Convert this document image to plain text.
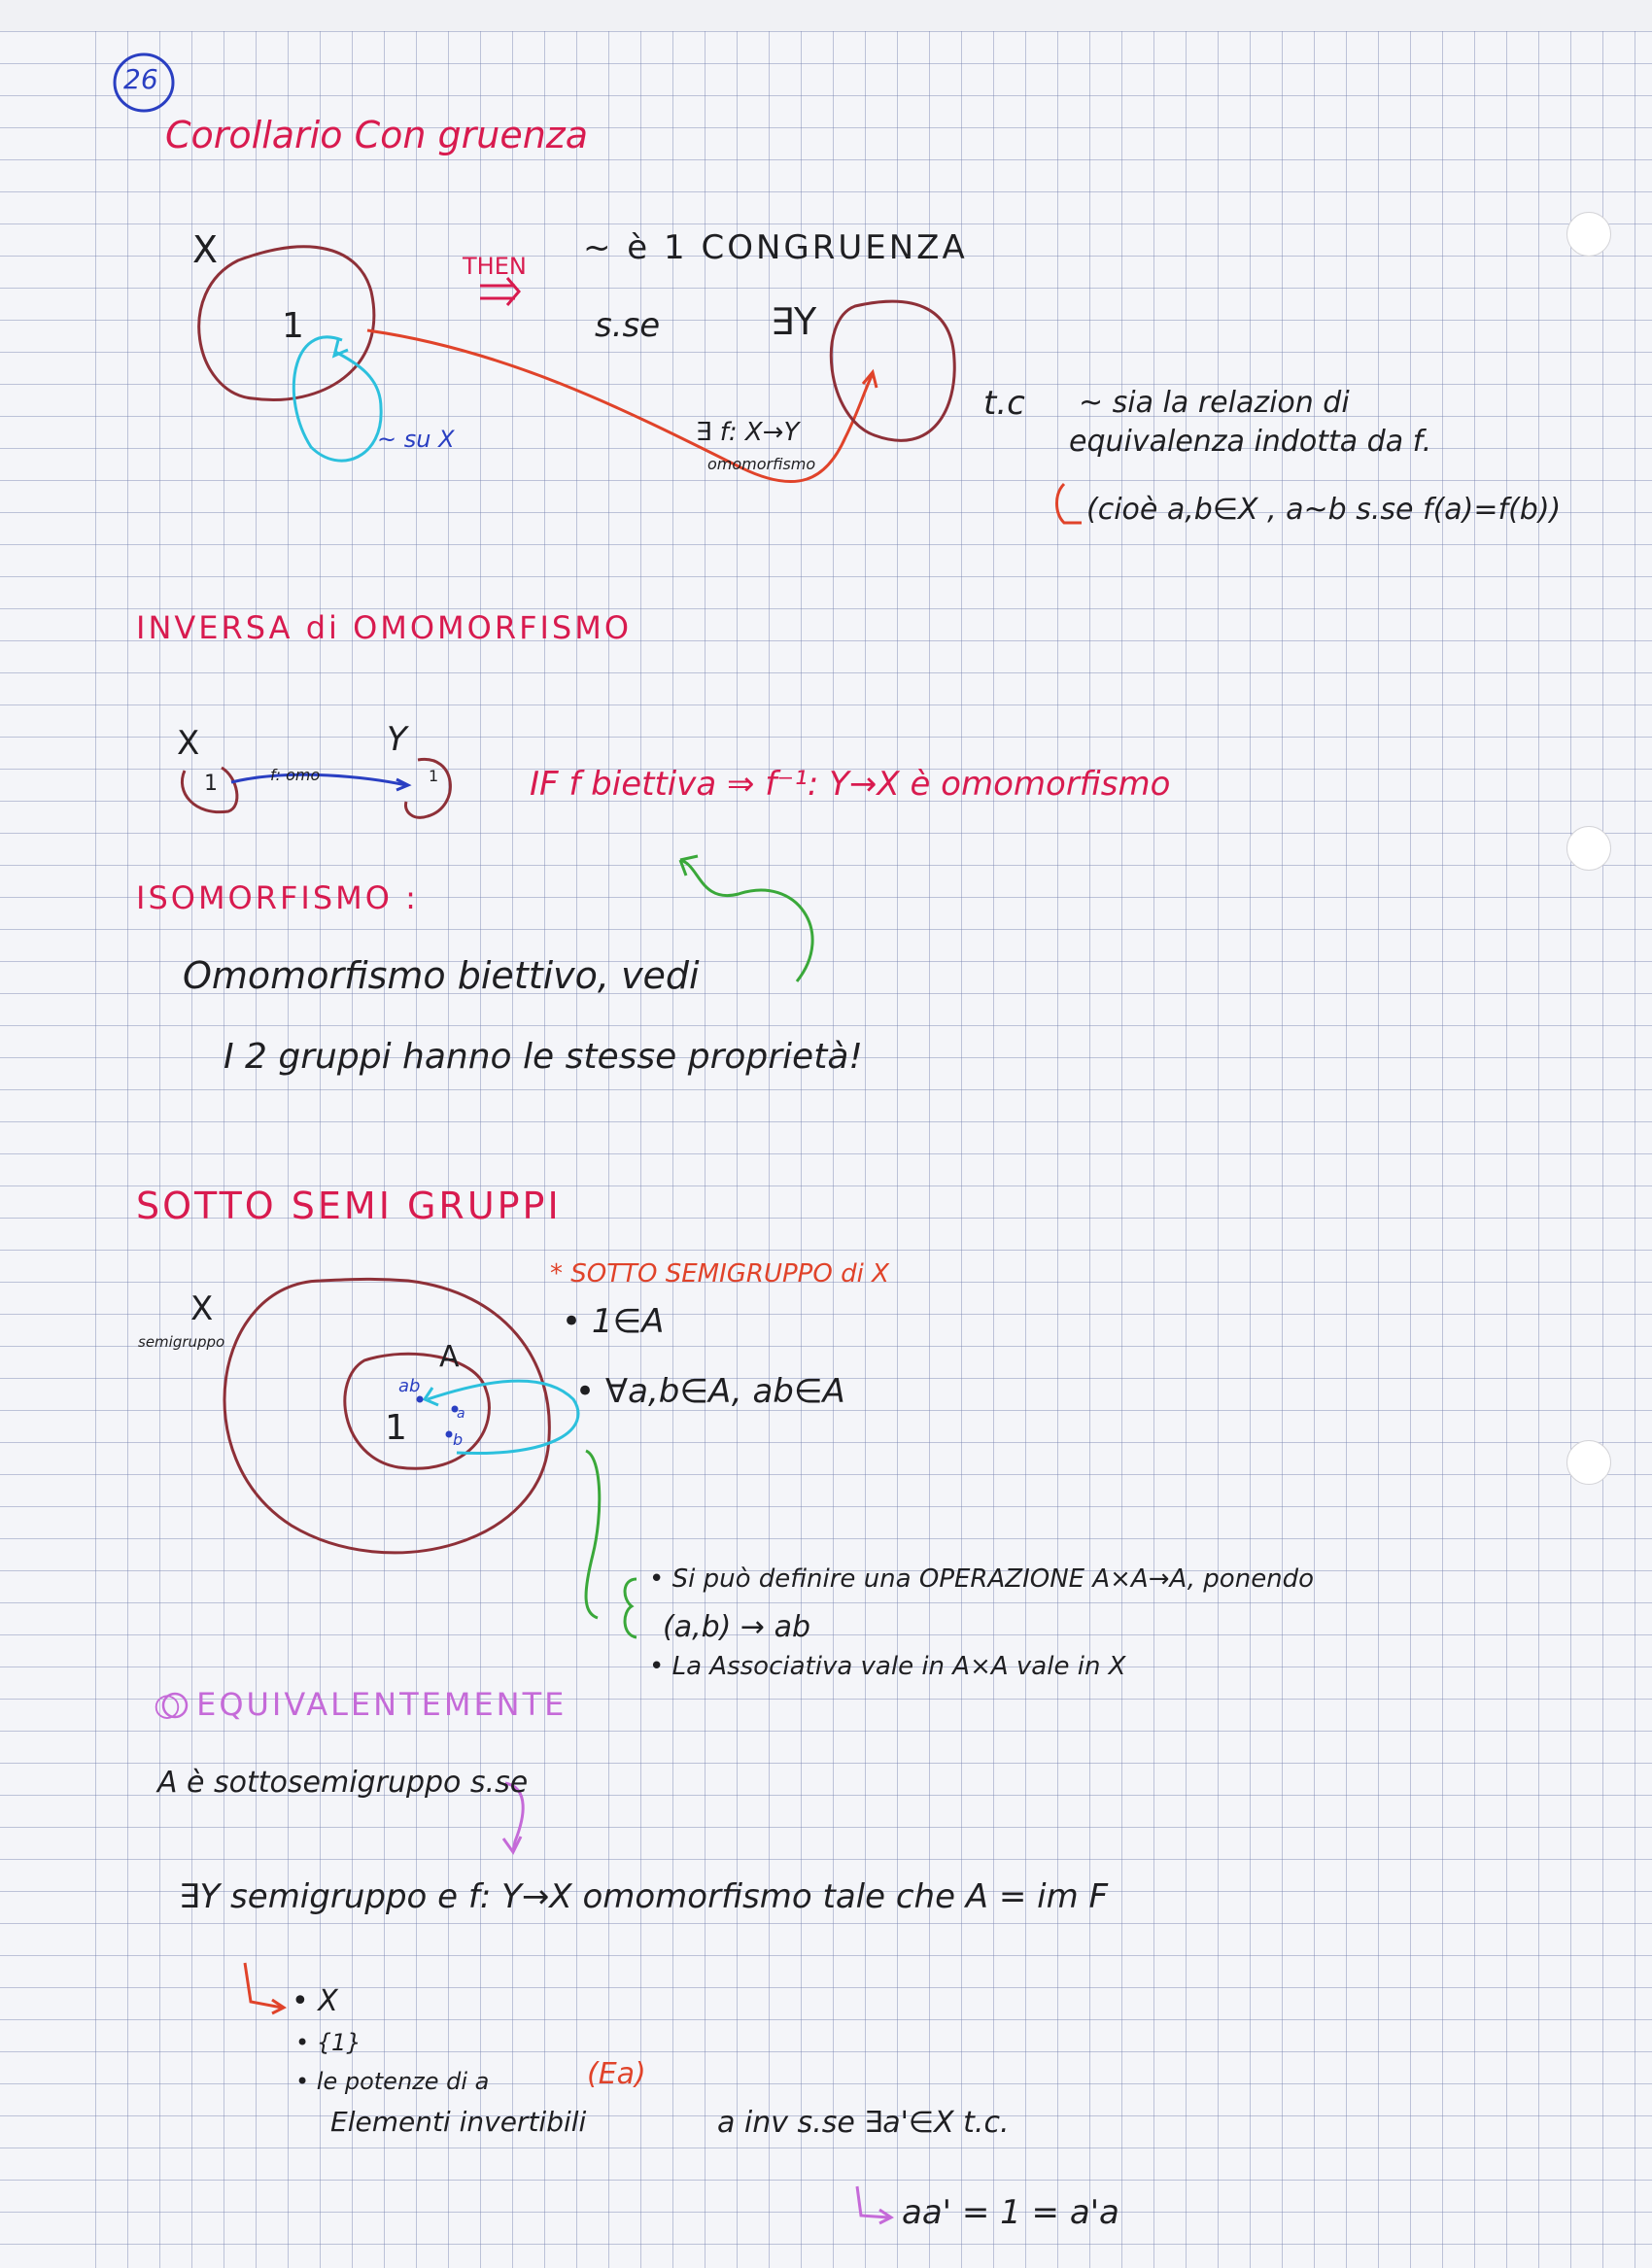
26
Corollario Con gruenza
X
1
~ su X
THEN ~ è 1 CONGRUENZA
s.se	∃Y
t.c ~ sia la relazion di
equivalenza indotta da f.
∃ f: X→Y
omomorfismo
(cioè a,b∈X , a~b s.se f(a)=f(b))
INVERSA di OMOMORFISMO
X	Y
1	1
f: omo	IF f biettiva ⇒ f⁻¹: Y→X è omomorfismo
ISOMORFISMO :
Omomorfismo biettivo, vedi
I 2 gruppi hanno le stesse proprietà!
SOTTO SEMI GRUPPI
X
semigruppo	A
1
ab
a
b
* SOTTO SEMIGRUPPO di X
• 1∈A
• ∀a,b∈A, ab∈A
• Si può definire una OPERAZIONE A×A→A, ponendo
(a,b) → ab
• La Associativa vale in A×A vale in X
○ EQUIVALENTEMENTE
A è sottosemigruppo s.se
∃Y semigruppo e f: Y→X omomorfismo tale che A = im F
• X
• {1}
• le potenze di a	(Ea)
Elementi invertibili	a inv s.se ∃a'∈X t.c.
aa' = 1 = a'a
